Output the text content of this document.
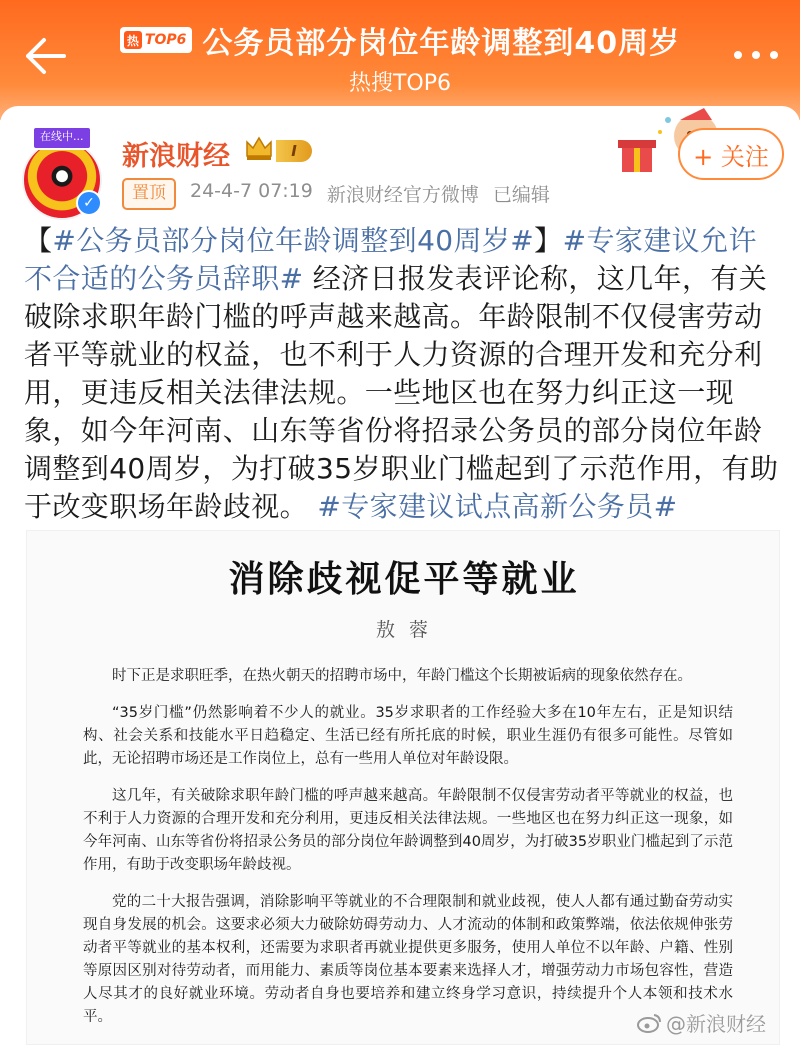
热 TOP6 公务员部分岗位年龄调整到40周岁
热搜TOP6
在线中...
✓
新浪财经	I
置顶	24-4-7 07:19 新浪财经官方微博 已编辑
+ 关注
【#公务员部分岗位年龄调整到40周岁#】#专家建议允许不合适的公务员辞职# 经济日报发表评论称，这几年，有关破除求职年龄门槛的呼声越来越高。年龄限制不仅侵害劳动者平等就业的权益，也不利于人力资源的合理开发和充分利用，更违反相关法律法规。一些地区也在努力纠正这一现象，如今年河南、山东等省份将招录公务员的部分岗位年龄调整到40周岁，为打破35岁职业门槛起到了示范作用，有助于改变职场年龄歧视。 #专家建议试点高新公务员#
消除歧视促平等就业
敖 蓉

时下正是求职旺季，在热火朝天的招聘市场中，年龄门槛这个长期被诟病的现象依然存在。

“35岁门槛”仍然影响着不少人的就业。35岁求职者的工作经验大多在10年左右，正是知识结构、社会关系和技能水平日趋稳定、生活已经有所托底的时候，职业生涯仍有很多可能性。尽管如此，无论招聘市场还是工作岗位上，总有一些用人单位对年龄设限。

这几年，有关破除求职年龄门槛的呼声越来越高。年龄限制不仅侵害劳动者平等就业的权益，也不利于人力资源的合理开发和充分利用，更违反相关法律法规。一些地区也在努力纠正这一现象，如今年河南、山东等省份将招录公务员的部分岗位年龄调整到40周岁，为打破35岁职业门槛起到了示范作用，有助于改变职场年龄歧视。

党的二十大报告强调，消除影响平等就业的不合理限制和就业歧视，使人人都有通过勤奋劳动实现自身发展的机会。这要求必须大力破除妨碍劳动力、人才流动的体制和政策弊端，依法依规伸张劳动者平等就业的基本权利，还需要为求职者再就业提供更多服务，使用人单位不以年龄、户籍、性别等原因区别对待劳动者，而用能力、素质等岗位基本要素来选择人才，增强劳动力市场包容性，营造人尽其才的良好就业环境。劳动者自身也要培养和建立终身学习意识，持续提升个人本领和技术水平。	@新浪财经
